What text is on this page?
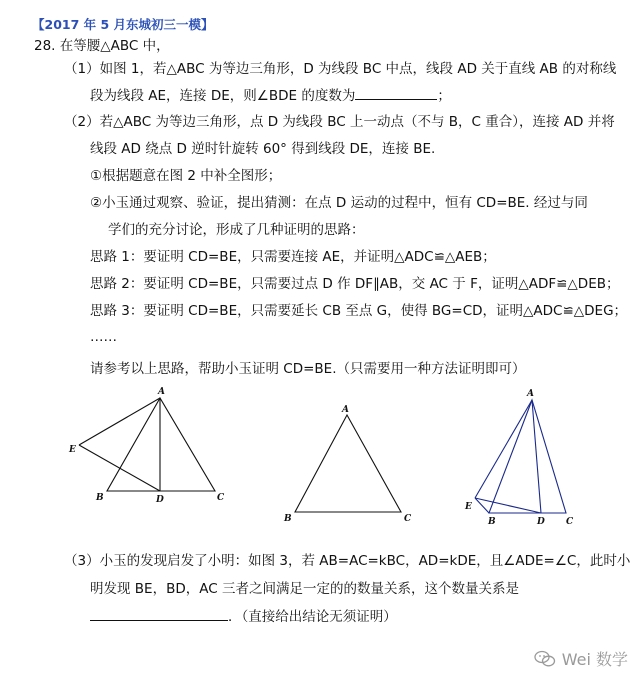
【2017 年 5 月东城初三一模】
28. 在等腰△ABC 中，
（1）如图 1，若△ABC 为等边三角形，D 为线段 BC 中点，线段 AD 关于直线 AB 的对称线
段为线段 AE，连接 DE，则∠BDE 的度数为	；
（2）若△ABC 为等边三角形，点 D 为线段 BC 上一动点（不与 B，C 重合），连接 AD 并将
线段 AD 绕点 D 逆时针旋转 60° 得到线段 DE，连接 BE.
①根据题意在图 2 中补全图形；
②小玉通过观察、验证，提出猜测：在点 D 运动的过程中，恒有 CD=BE. 经过与同
学们的充分讨论，形成了几种证明的思路：
思路 1：要证明 CD=BE，只需要连接 AE，并证明△ADC≌△AEB；
思路 2：要证明 CD=BE，只需要过点 D 作 DF∥AB，交 AC 于 F，证明△ADF≌△DEB；
思路 3：要证明 CD=BE，只需要延长 CB 至点 G，使得 BG=CD，证明△ADC≌△DEG；
……
请参考以上思路，帮助小玉证明 CD=BE.（只需要用一种方法证明即可）
A
B	C
D
E
A
B	C
A
B	C
D
E
（3）小玉的发现启发了小明：如图 3，若 AB=AC=kBC，AD=kDE，且∠ADE=∠C，此时小
明发现 BE，BD，AC 三者之间满足一定的的数量关系，这个数量关系是
．（直接给出结论无须证明）
Wei 数学
